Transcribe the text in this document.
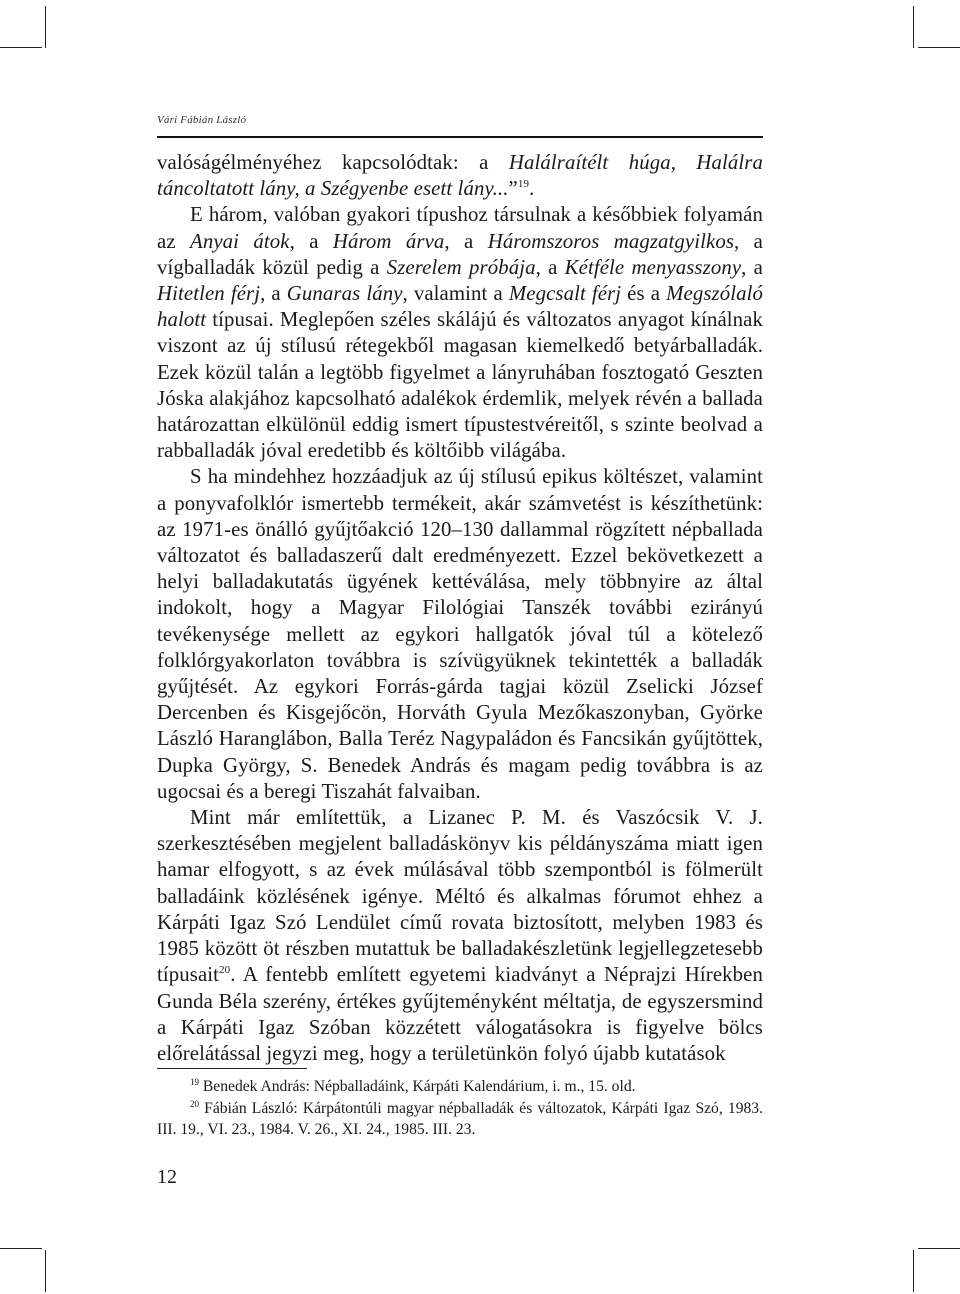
Vári Fábián László

valóságélményéhez kapcsolódtak: a Halálraítélt húga, Halálra táncoltatott lány, a Szégyenbe esett lány...”$^{19}$.

E három, valóban gyakori típushoz társulnak a későbbiek folyamán az Anyai átok, a Három árva, a Háromszoros magzatgyilkos, a vígballadák közül pedig a Szerelem próbája, a Kétféle menyasszony, a Hitetlen férj, a Gunaras lány, valamint a Megcsalt férj és a Megszólaló halott típusai. Meglepően széles skálájú és változatos anyagot kínálnak viszont az új stílusú rétegekből magasan kiemelkedő betyárballadák. Ezek közül talán a legtöbb figyelmet a lányruhában fosztogató Geszten Jóska alakjához kapcsolható adalékok érdemlik, melyek révén a ballada határozattan elkülönül eddig ismert típustestvéreitől, s szinte beolvad a rabballadák jóval eredetibb és költőibb világába.

S ha mindehhez hozzáadjuk az új stílusú epikus költészet, valamint a ponyvafolklór ismertebb termékeit, akár számvetést is készíthetünk: az 1971-es önálló gyűjtőakció 120–130 dallammal rögzített népballada változatot és balladaszerű dalt eredményezett. Ezzel bekövetkezett a helyi balladakutatás ügyének kettéválása, mely többnyire az által indokolt, hogy a Magyar Filológiai Tanszék további ezirányú tevékenysége mellett az egykori hallgatók jóval túl a kötelező folklórgyakorlaton továbbra is szívügyüknek tekintették a balladák gyűjtését. Az egykori Forrás-gárda tagjai közül Zselicki József Dercenben és Kisgejőcön, Horváth Gyula Mezőkaszonyban, Györke László Haranglábon, Balla Teréz Nagypaládon és Fancsikán gyűjtöttek, Dupka György, S. Benedek András és magam pedig továbbra is az ugocsai és a beregi Tiszahát falvaiban.

Mint már említettük, a Lizanec P. M. és Vaszócsik V. J. szerkesztésében megjelent balladáskönyv kis példányszáma miatt igen hamar elfogyott, s az évek múlásával több szempontból is fölmerült balladáink közlésének igénye. Méltó és alkalmas fórumot ehhez a Kárpáti Igaz Szó Lendület című rovata biztosított, melyben 1983 és 1985 között öt részben mutattuk be balladakészletünk legjellegzetesebb típusait$^{20}$. A fentebb említett egyetemi kiadványt a Néprajzi Hírekben Gunda Béla szerény, értékes gyűjteményként méltatja, de egyszersmind a Kárpáti Igaz Szóban közzétett válogatásokra is figyelve bölcs előrelátással jegyzi meg, hogy a területünkön folyó újabb kutatások

$^{19}$ Benedek András: Népballadáink, Kárpáti Kalendárium, i. m., 15. old.

$^{20}$ Fábián László: Kárpátontúli magyar népballadák és változatok, Kárpáti Igaz Szó, 1983. III. 19., VI. 23., 1984. V. 26., XI. 24., 1985. III. 23.

12
